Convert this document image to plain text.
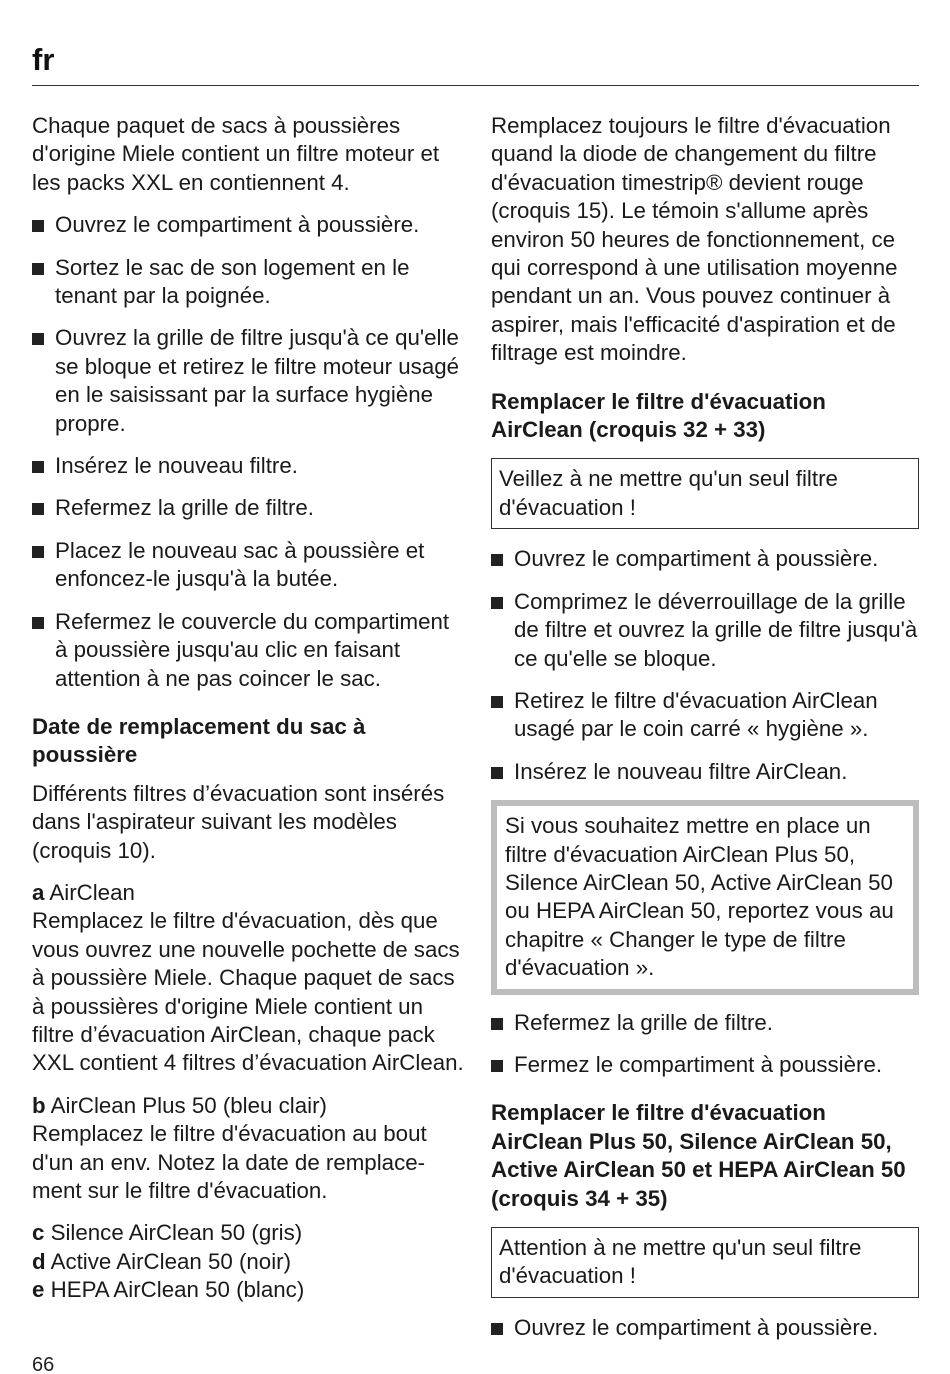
fr

Chaque paquet de sacs à poussières d'origine Miele contient un filtre moteur et les packs XXL en contiennent 4.

Ouvrez le compartiment à poussière.

Sortez le sac de son logement en le tenant par la poignée.

Ouvrez la grille de filtre jusqu'à ce qu'elle se bloque et retirez le filtre moteur usagé en le saisissant par la surface hygiène propre.

Insérez le nouveau filtre.

Refermez la grille de filtre.

Placez le nouveau sac à poussière et enfoncez-le jusqu'à la butée.

Refermez le couvercle du compartiment à poussière jusqu'au clic en faisant attention à ne pas coincer le sac.

Date de remplacement du sac à poussière

Différents filtres d’évacuation sont insérés dans l'aspirateur suivant les modèles (croquis 10).

a AirClean

Remplacez le filtre d'évacuation, dès que vous ouvrez une nouvelle pochette de sacs à poussière Miele. Chaque paquet de sacs à poussières d'origine Miele contient un filtre d’évacuation AirClean, chaque pack XXL contient 4 filtres d’évacuation AirClean.

b AirClean Plus 50 (bleu clair)

Remplacez le filtre d'évacuation au bout d'un an env. Notez la date de remplacement sur le filtre d'évacuation.

c Silence AirClean 50 (gris)

d Active AirClean 50 (noir)

e HEPA AirClean 50 (blanc)

Remplacez toujours le filtre d'évacuation quand la diode de changement du filtre d'évacuation timestrip® devient rouge (croquis 15). Le témoin s'allume après environ 50 heures de fonctionnement, ce qui correspond à une utilisation moyenne pendant un an. Vous pouvez continuer à aspirer, mais l'efficacité d'aspiration et de filtrage est moindre.

Remplacer le filtre d'évacuation AirClean (croquis 32 + 33)
Veillez à ne mettre qu'un seul filtre d'évacuation !

Ouvrez le compartiment à poussière.

Comprimez le déverrouillage de la grille de filtre et ouvrez la grille de filtre jusqu'à ce qu'elle se bloque.

Retirez le filtre d'évacuation AirClean usagé par le coin carré « hygiène ».

Insérez le nouveau filtre AirClean.

Si vous souhaitez mettre en place un filtre d'évacuation AirClean Plus 50, Silence AirClean 50, Active AirClean 50 ou HEPA AirClean 50, reportez vous au chapitre « Changer le type de filtre d'évacuation ».

Refermez la grille de filtre.

Fermez le compartiment à poussière.

Remplacer le filtre d'évacuation AirClean Plus 50, Silence AirClean 50, Active AirClean 50 et HEPA AirClean 50 (croquis 34 + 35)
Attention à ne mettre qu'un seul filtre d'évacuation !

Ouvrez le compartiment à poussière.

66
